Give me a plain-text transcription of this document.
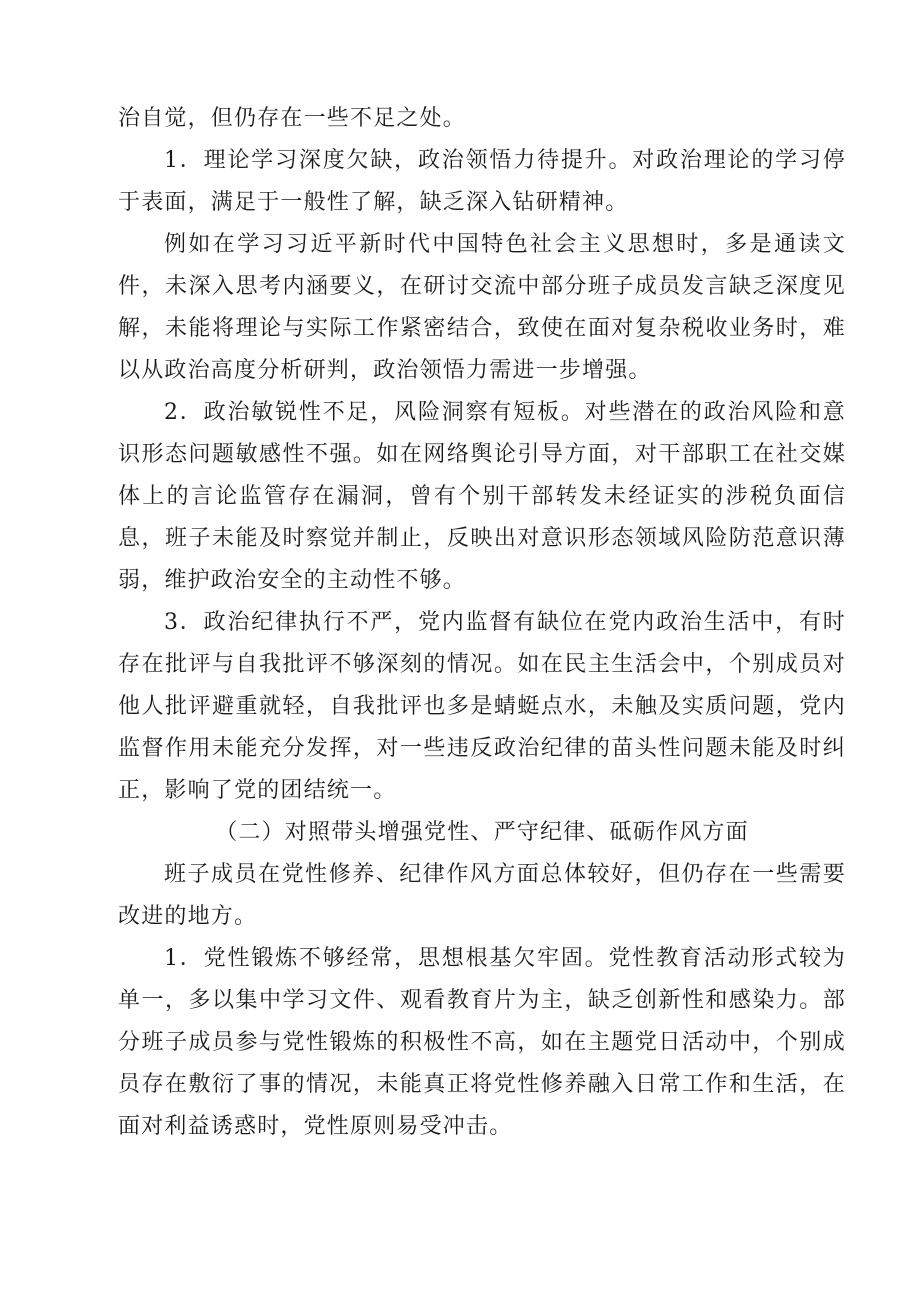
治自觉，但仍存在一些不足之处。

1．理论学习深度欠缺，政治领悟力待提升。对政治理论的学习停于表面，满足于一般性了解，缺乏深入钻研精神。

例如在学习习近平新时代中国特色社会主义思想时，多是通读文件，未深入思考内涵要义，在研讨交流中部分班子成员发言缺乏深度见解，未能将理论与实际工作紧密结合，致使在面对复杂税收业务时，难以从政治高度分析研判，政治领悟力需进一步增强。

2．政治敏锐性不足，风险洞察有短板。对些潜在的政治风险和意识形态问题敏感性不强。如在网络舆论引导方面，对干部职工在社交媒体上的言论监管存在漏洞，曾有个别干部转发未经证实的涉税负面信息，班子未能及时察觉并制止，反映出对意识形态领域风险防范意识薄弱，维护政治安全的主动性不够。

3．政治纪律执行不严，党内监督有缺位在党内政治生活中，有时存在批评与自我批评不够深刻的情况。如在民主生活会中，个别成员对他人批评避重就轻，自我批评也多是蜻蜓点水，未触及实质问题，党内监督作用未能充分发挥，对一些违反政治纪律的苗头性问题未能及时纠正，影响了党的团结统一。

（二）对照带头增强党性、严守纪律、砥砺作风方面

班子成员在党性修养、纪律作风方面总体较好，但仍存在一些需要改进的地方。

1．党性锻炼不够经常，思想根基欠牢固。党性教育活动形式较为单一，多以集中学习文件、观看教育片为主，缺乏创新性和感染力。部分班子成员参与党性锻炼的积极性不高，如在主题党日活动中，个别成员存在敷衍了事的情况，未能真正将党性修养融入日常工作和生活，在面对利益诱惑时，党性原则易受冲击。
